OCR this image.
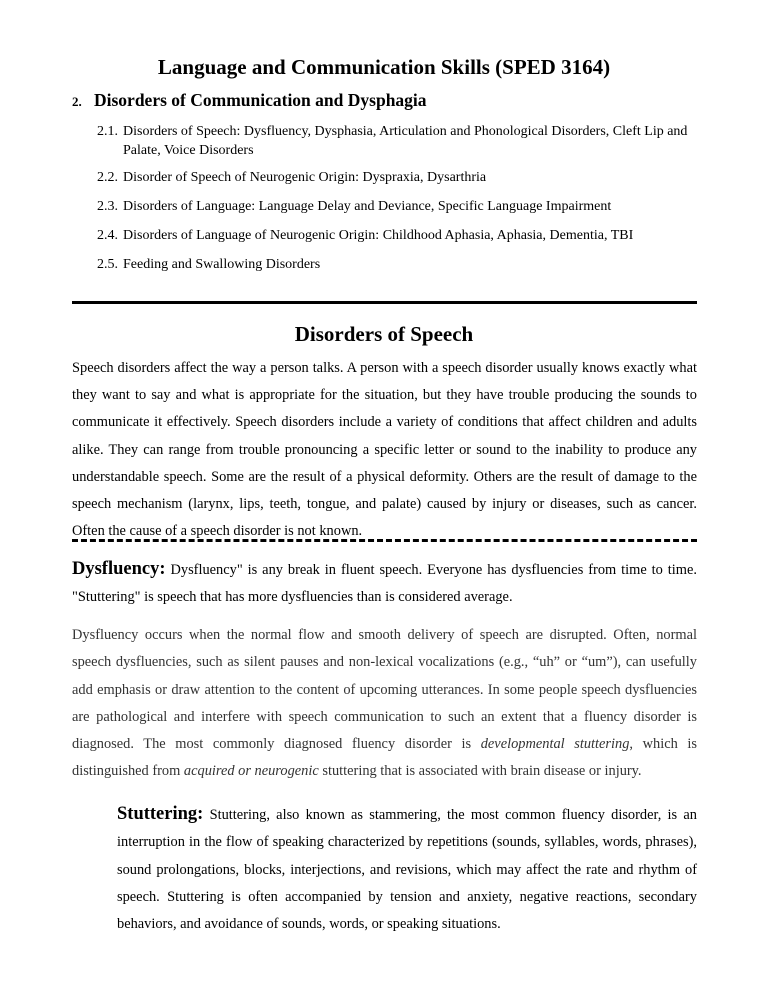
Language and Communication Skills (SPED 3164)
2. Disorders of Communication and Dysphagia
2.1. Disorders of Speech: Dysfluency, Dysphasia, Articulation and Phonological Disorders, Cleft Lip and Palate, Voice Disorders
2.2. Disorder of Speech of Neurogenic Origin: Dyspraxia, Dysarthria
2.3. Disorders of Language: Language Delay and Deviance, Specific Language Impairment
2.4. Disorders of Language of Neurogenic Origin: Childhood Aphasia, Aphasia, Dementia, TBI
2.5. Feeding and Swallowing Disorders
Disorders of Speech

Speech disorders affect the way a person talks. A person with a speech disorder usually knows exactly what they want to say and what is appropriate for the situation, but they have trouble producing the sounds to communicate it effectively. Speech disorders include a variety of conditions that affect children and adults alike. They can range from trouble pronouncing a specific letter or sound to the inability to produce any understandable speech. Some are the result of a physical deformity. Others are the result of damage to the speech mechanism (larynx, lips, teeth, tongue, and palate) caused by injury or diseases, such as cancer. Often the cause of a speech disorder is not known.

Dysfluency: Dysfluency" is any break in fluent speech. Everyone has dysfluencies from time to time. "Stuttering" is speech that has more dysfluencies than is considered average.

Dysfluency occurs when the normal flow and smooth delivery of speech are disrupted. Often, normal speech dysfluencies, such as silent pauses and non-lexical vocalizations (e.g., “uh” or “um”), can usefully add emphasis or draw attention to the content of upcoming utterances. In some people speech dysfluencies are pathological and interfere with speech communication to such an extent that a fluency disorder is diagnosed. The most commonly diagnosed fluency disorder is developmental stuttering, which is distinguished from acquired or neurogenic stuttering that is associated with brain disease or injury.

Stuttering: Stuttering, also known as stammering, the most common fluency disorder, is an interruption in the flow of speaking characterized by repetitions (sounds, syllables, words, phrases), sound prolongations, blocks, interjections, and revisions, which may affect the rate and rhythm of speech. Stuttering is often accompanied by tension and anxiety, negative reactions, secondary behaviors, and avoidance of sounds, words, or speaking situations.
